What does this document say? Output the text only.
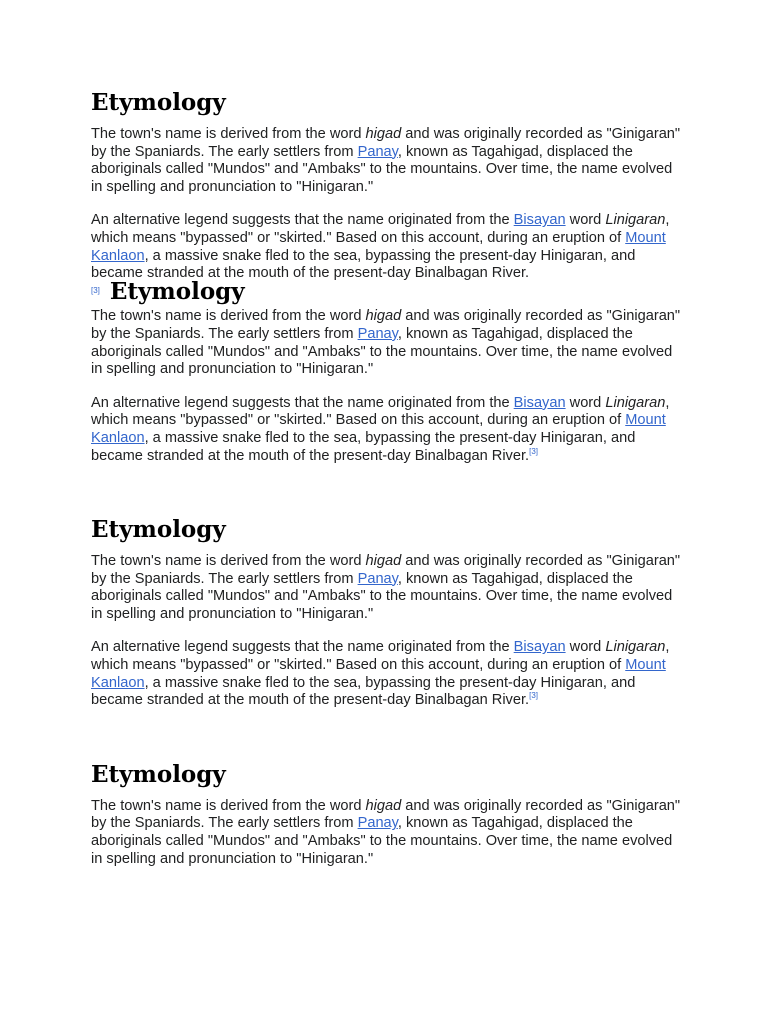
Etymology

The town's name is derived from the word higad and was originally recorded as "Ginigaran" by the Spaniards. The early settlers from Panay, known as Tagahigad, displaced the aboriginals called "Mundos" and "Ambaks" to the mountains. Over time, the name evolved in spelling and pronunciation to "Hinigaran."

An alternative legend suggests that the name originated from the Bisayan word Linigaran, which means "bypassed" or "skirted." Based on this account, during an eruption of Mount Kanlaon, a massive snake fled to the sea, bypassing the present-day Hinigaran, and became stranded at the mouth of the present-day Binalbagan River.[3] Etymology

The town's name is derived from the word higad and was originally recorded as "Ginigaran" by the Spaniards. The early settlers from Panay, known as Tagahigad, displaced the aboriginals called "Mundos" and "Ambaks" to the mountains. Over time, the name evolved in spelling and pronunciation to "Hinigaran."

An alternative legend suggests that the name originated from the Bisayan word Linigaran, which means "bypassed" or "skirted." Based on this account, during an eruption of Mount Kanlaon, a massive snake fled to the sea, bypassing the present-day Hinigaran, and became stranded at the mouth of the present-day Binalbagan River.[3]

Etymology

The town's name is derived from the word higad and was originally recorded as "Ginigaran" by the Spaniards. The early settlers from Panay, known as Tagahigad, displaced the aboriginals called "Mundos" and "Ambaks" to the mountains. Over time, the name evolved in spelling and pronunciation to "Hinigaran."

An alternative legend suggests that the name originated from the Bisayan word Linigaran, which means "bypassed" or "skirted." Based on this account, during an eruption of Mount Kanlaon, a massive snake fled to the sea, bypassing the present-day Hinigaran, and became stranded at the mouth of the present-day Binalbagan River.[3]

Etymology

The town's name is derived from the word higad and was originally recorded as "Ginigaran" by the Spaniards. The early settlers from Panay, known as Tagahigad, displaced the aboriginals called "Mundos" and "Ambaks" to the mountains. Over time, the name evolved in spelling and pronunciation to "Hinigaran."
